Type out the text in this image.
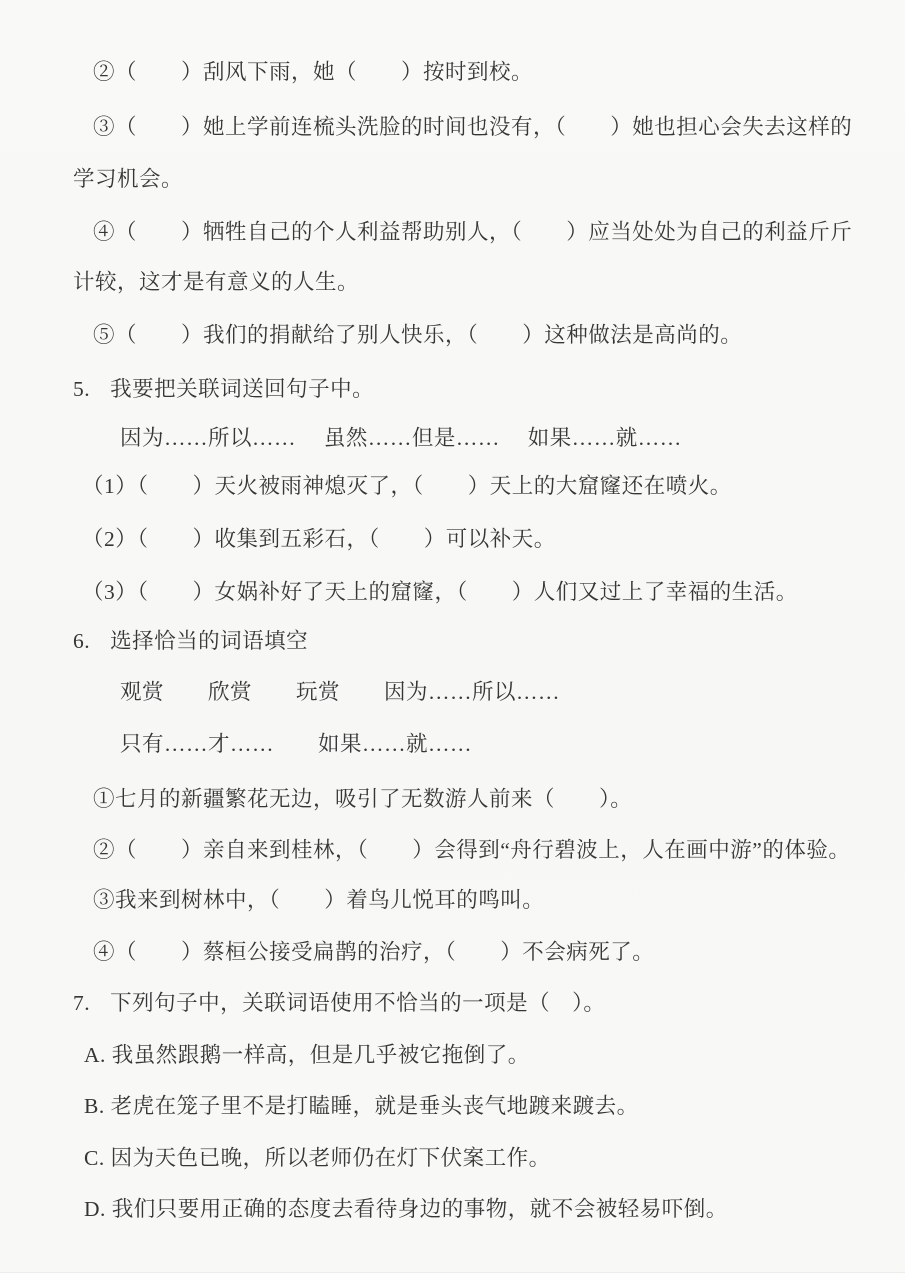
②（　　）刮风下雨，她（　　）按时到校。
③（　　）她上学前连梳头洗脸的时间也没有，（　　）她也担心会失去这样的
学习机会。
④（　　）牺牲自己的个人利益帮助别人，（　　）应当处处为自己的利益斤斤
计较，这才是有意义的人生。
⑤（　　）我们的捐献给了别人快乐，（　　）这种做法是高尚的。
5. 我要把关联词送回句子中。
因为……所以……　 虽然……但是……　 如果……就……
（1）（　　）天火被雨神熄灭了，（　　）天上的大窟窿还在喷火。
（2）（　　）收集到五彩石，（　　）可以补天。
（3）（　　）女娲补好了天上的窟窿，（　　）人们又过上了幸福的生活。
6. 选择恰当的词语填空
观赏　　欣赏　　玩赏　　因为……所以……
只有……才……　　如果……就……
①七月的新疆繁花无边，吸引了无数游人前来（　　）。
②（　　）亲自来到桂林，（　　）会得到“舟行碧波上，人在画中游”的体验。
③我来到树林中，（　　）着鸟儿悦耳的鸣叫。
④（　　）蔡桓公接受扁鹊的治疗，（　　）不会病死了。
7. 下列句子中，关联词语使用不恰当的一项是（　）。
A. 我虽然跟鹅一样高，但是几乎被它拖倒了。
B. 老虎在笼子里不是打瞌睡，就是垂头丧气地踱来踱去。
C. 因为天色已晚，所以老师仍在灯下伏案工作。
D. 我们只要用正确的态度去看待身边的事物，就不会被轻易吓倒。
